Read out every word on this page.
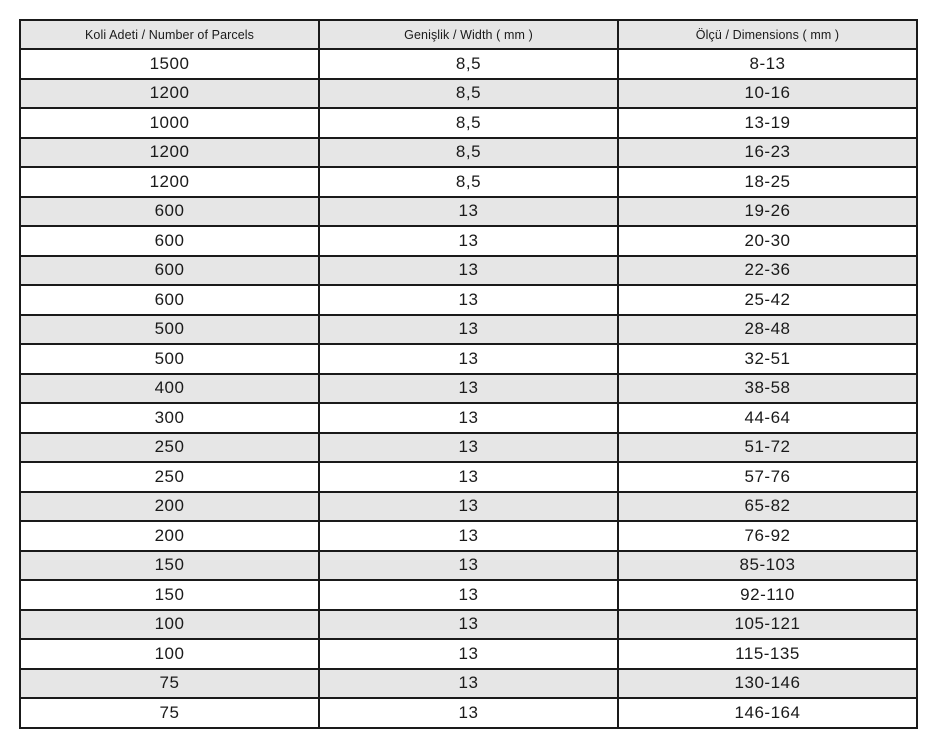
Koli Adeti / Number of Parcels	Genişlik / Width ( mm )	Ölçü / Dimensions ( mm )
1500	8,5	8-13
1200	8,5	10-16
1000	8,5	13-19
1200	8,5	16-23
1200	8,5	18-25
600	13	19-26
600	13	20-30
600	13	22-36
600	13	25-42
500	13	28-48
500	13	32-51
400	13	38-58
300	13	44-64
250	13	51-72
250	13	57-76
200	13	65-82
200	13	76-92
150	13	85-103
150	13	92-110
100	13	105-121
100	13	115-135
75	13	130-146
75	13	146-164
